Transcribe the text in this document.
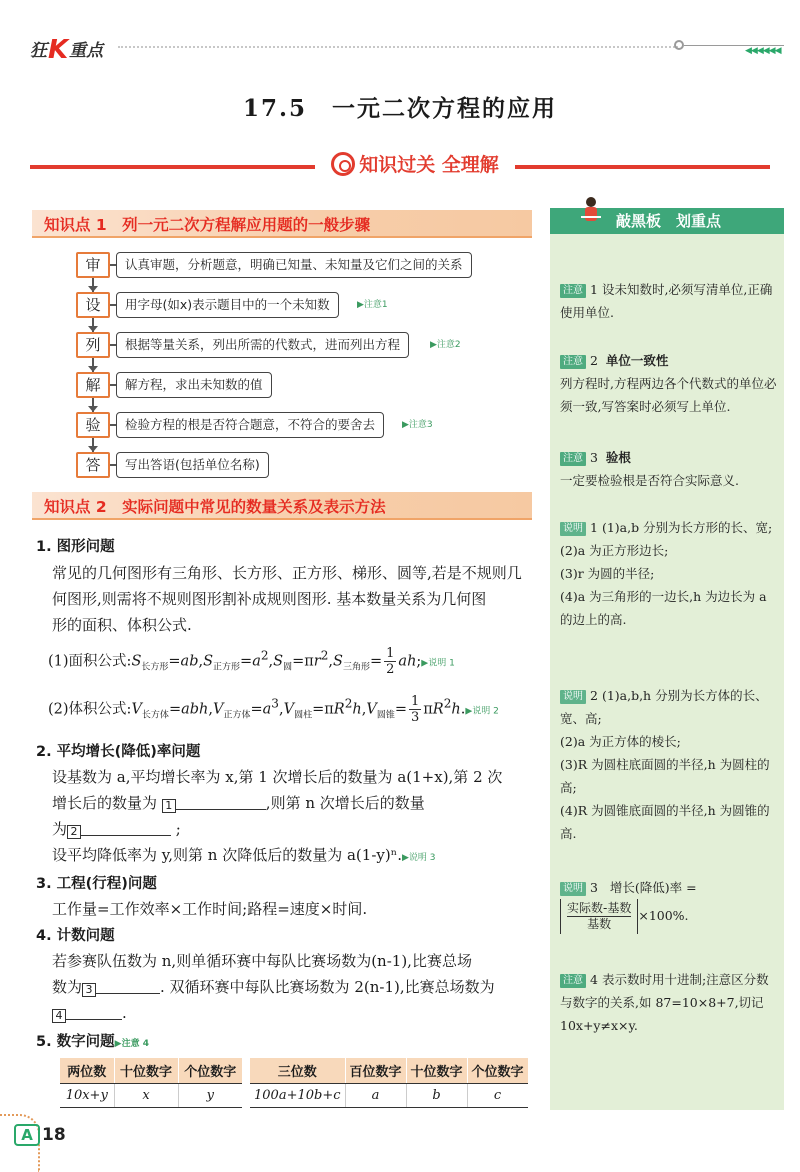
狂K重点	◀◀◀◀◀◀
17.5　一元二次方程的应用
知识过关 全理解
知识点 1　列一元二次方程解应用题的一般步骤
审	认真审题，分析题意，明确已知量、未知量及它们之间的关系
设	用字母(如x)表示题目中的一个未知数	▶注意1
列	根据等量关系，列出所需的代数式，进而列出方程	▶注意2
解	解方程，求出未知数的值
验	检验方程的根是否符合题意，不符合的要舍去	▶注意3
答	写出答语(包括单位名称)
知识点 2　实际问题中常见的数量关系及表示方法
1. 图形问题
常见的几何图形有三角形、长方形、正方形、梯形、圆等,若是不规则几
何图形,则需将不规则图形割补成规则图形. 基本数量关系为几何图
形的面积、体积公式.
(1)面积公式$:S_{长方形}=ab,S_{正方形}=a^2,S_圆=\pi r^2,S_{三角形}= \frac{1}{2}$ ah;▶说明 1
(2)体积公式$:V_{长方体}=abh,V_{正方体}=a^3,V_{圆柱}=\pi R^2h,V_{圆锥}= \frac{1}{3}$ $\pi R^2h.▶$说明 2
2. 平均增长(降低)率问题
设基数为 a,平均增长率为 x,第 1 次增长后的数量为 a(1+x),第 2 次
增长后的数量为 1	,则第 n 次增长后的数量
为 2	;
设平均降低率为 y,则第 n 次降低后的数量为 a(1-y)ⁿ.▶说明 3
3. 工程(行程)问题
工作量=工作效率×工作时间;路程=速度×时间.
4. 计数问题
若参赛队伍数为 n,则单循环赛中每队比赛场数为(n-1),比赛总场
数为 3	. 双循环赛中每队比赛场数为 2(n-1),比赛总场数为
4	.
5. 数字问题▶注意 4
两位数	十位数字	个位数字
10x+y	x	y
三位数	百位数字	十位数字	个位数字
100a+10b+c	a	b	c
敲黑板　划重点
注意 1 设未知数时,必须写清单位,正确使用单位.
注意 2 单位一致性
列方程时,方程两边各个代数式的单位必须一致,写答案时必须写上单位.
注意 3 验根
一定要检验根是否符合实际意义.
说明 1 (1)a,b 分别为长方形的长、宽;
(2)a 为正方形边长;
(3)r 为圆的半径;
(4)a 为三角形的一边长,h 为边长为 a 的边上的高.
说明 2 (1)a,b,h 分别为长方体的长、宽、高;
(2)a 为正方体的棱长;
(3)R 为圆柱底面圆的半径,h 为圆柱的高;
(4)R 为圆锥底面圆的半径,h 为圆锥的高.
说明 3 增长(降低)率 =

$\frac{\text{实际数-基数}}{\text{基数}} \times 100\%$.
注意 4 表示数时用十进制;注意区分数与数字的关系,如 87=10×8+7,切记 10x+y≠x×y.
A 18
